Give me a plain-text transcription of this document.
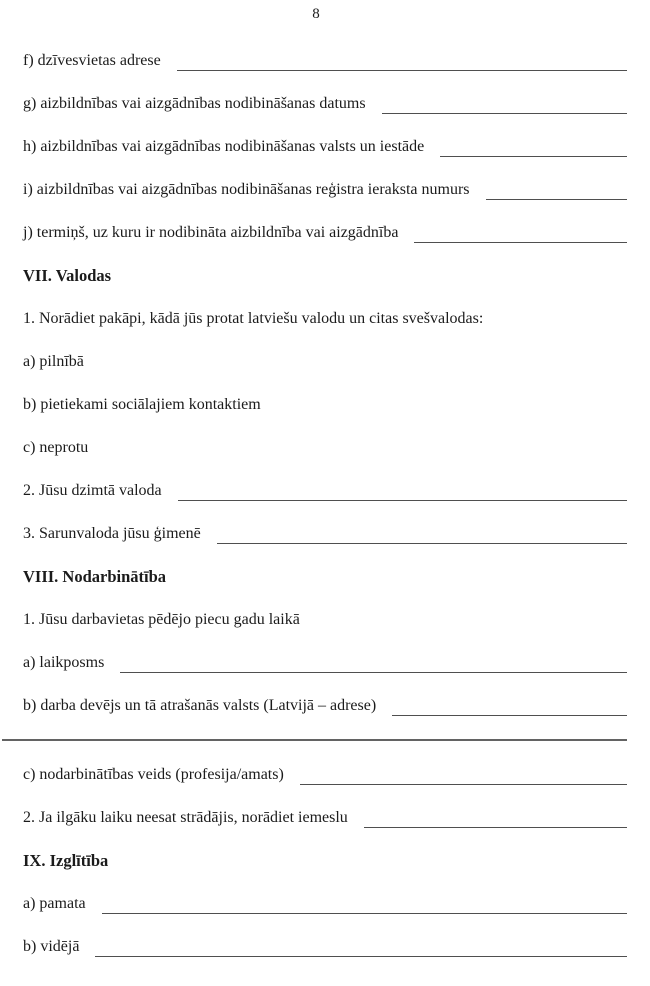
8
f) dzīvesvietas adrese
g) aizbildnības vai aizgādnības nodibināšanas datums
h) aizbildnības vai aizgādnības nodibināšanas valsts un iestāde
i) aizbildnības vai aizgādnības nodibināšanas reģistra ieraksta numurs
j) termiņš, uz kuru ir nodibināta aizbildnība vai aizgādnība
VII. Valodas
1. Norādiet pakāpi, kādā jūs protat latviešu valodu un citas svešvalodas:
a) pilnībā
b) pietiekami sociālajiem kontaktiem
c) neprotu
2. Jūsu dzimtā valoda
3. Sarunvaloda jūsu ģimenē
VIII. Nodarbinātība
1. Jūsu darbavietas pēdējo piecu gadu laikā
a) laikposms
b) darba devējs un tā atrašanās valsts (Latvijā – adrese)
c) nodarbinātības veids (profesija/amats)
2. Ja ilgāku laiku neesat strādājis, norādiet iemeslu
IX. Izglītība
a) pamata
b) vidējā
